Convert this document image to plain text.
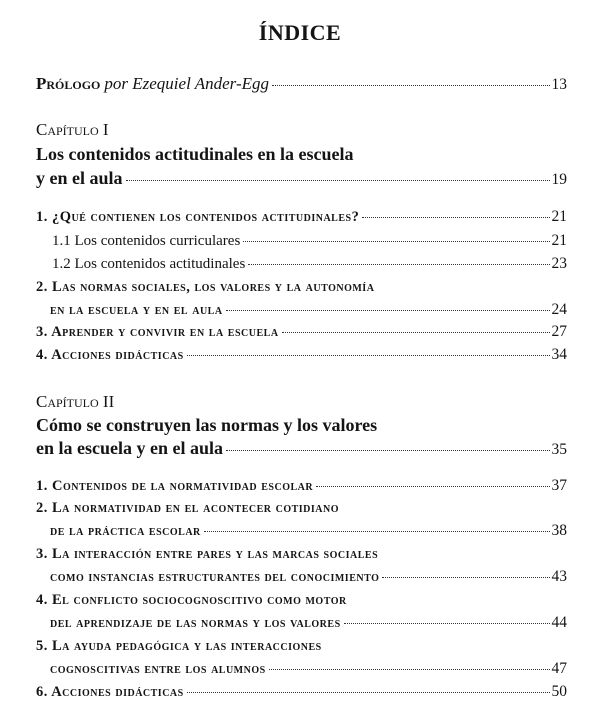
ÍNDICE
Prólogo por Ezequiel Ander-Egg	13
Capítulo I
Los contenidos actitudinales en la escuela
y en el aula	19
1. ¿Qué contienen los contenidos actitudinales?	21
1.1 Los contenidos curriculares	21
1.2 Los contenidos actitudinales	23
2. Las normas sociales, los valores y la autonomía
en la escuela y en el aula	24
3. Aprender y convivir en la escuela	27
4. Acciones didácticas	34
Capítulo II
Cómo se construyen las normas y los valores
en la escuela y en el aula	35
1. Contenidos de la normatividad escolar	37
2. La normatividad en el acontecer cotidiano
de la práctica escolar	38
3. La interacción entre pares y las marcas sociales
como instancias estructurantes del conocimiento	43
4. El conflicto sociocognoscitivo como motor
del aprendizaje de las normas y los valores	44
5. La ayuda pedagógica y las interacciones
cognoscitivas entre los alumnos	47
6. Acciones didácticas	50
